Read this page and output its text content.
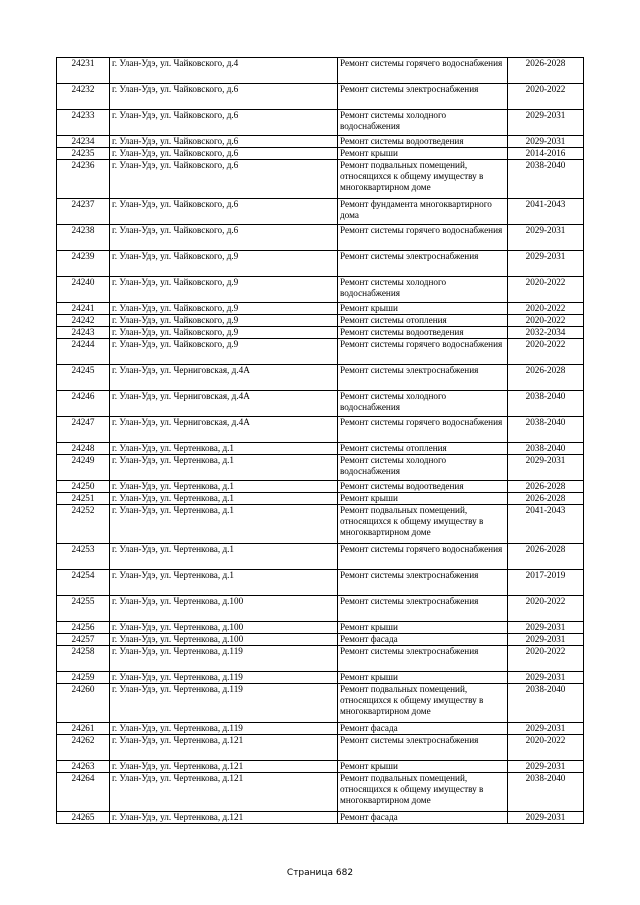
24231	г. Улан-Удэ, ул. Чайковского, д.4	Ремонт системы горячего водоснабжения	2026-2028
24232	г. Улан-Удэ, ул. Чайковского, д.6	Ремонт системы электроснабжения	2020-2022
24233	г. Улан-Удэ, ул. Чайковского, д.6	Ремонт системы холодного водоснабжения	2029-2031
24234	г. Улан-Удэ, ул. Чайковского, д.6	Ремонт системы водоотведения	2029-2031
24235	г. Улан-Удэ, ул. Чайковского, д.6	Ремонт крыши	2014-2016
24236	г. Улан-Удэ, ул. Чайковского, д.6	Ремонт подвальных помещений, относящихся к общему имуществу в многоквартирном доме	2038-2040
24237	г. Улан-Удэ, ул. Чайковского, д.6	Ремонт фундамента многоквартирного дома	2041-2043
24238	г. Улан-Удэ, ул. Чайковского, д.6	Ремонт системы горячего водоснабжения	2029-2031
24239	г. Улан-Удэ, ул. Чайковского, д.9	Ремонт системы электроснабжения	2029-2031
24240	г. Улан-Удэ, ул. Чайковского, д.9	Ремонт системы холодного водоснабжения	2020-2022
24241	г. Улан-Удэ, ул. Чайковского, д.9	Ремонт крыши	2020-2022
24242	г. Улан-Удэ, ул. Чайковского, д.9	Ремонт системы отопления	2020-2022
24243	г. Улан-Удэ, ул. Чайковского, д.9	Ремонт системы водоотведения	2032-2034
24244	г. Улан-Удэ, ул. Чайковского, д.9	Ремонт системы горячего водоснабжения	2020-2022
24245	г. Улан-Удэ, ул. Черниговская, д.4А	Ремонт системы электроснабжения	2026-2028
24246	г. Улан-Удэ, ул. Черниговская, д.4А	Ремонт системы холодного водоснабжения	2038-2040
24247	г. Улан-Удэ, ул. Черниговская, д.4А	Ремонт системы горячего водоснабжения	2038-2040
24248	г. Улан-Удэ, ул. Чертенкова, д.1	Ремонт системы отопления	2038-2040
24249	г. Улан-Удэ, ул. Чертенкова, д.1	Ремонт системы холодного водоснабжения	2029-2031
24250	г. Улан-Удэ, ул. Чертенкова, д.1	Ремонт системы водоотведения	2026-2028
24251	г. Улан-Удэ, ул. Чертенкова, д.1	Ремонт крыши	2026-2028
24252	г. Улан-Удэ, ул. Чертенкова, д.1	Ремонт подвальных помещений, относящихся к общему имуществу в многоквартирном доме	2041-2043
24253	г. Улан-Удэ, ул. Чертенкова, д.1	Ремонт системы горячего водоснабжения	2026-2028
24254	г. Улан-Удэ, ул. Чертенкова, д.1	Ремонт системы электроснабжения	2017-2019
24255	г. Улан-Удэ, ул. Чертенкова, д.100	Ремонт системы электроснабжения	2020-2022
24256	г. Улан-Удэ, ул. Чертенкова, д.100	Ремонт крыши	2029-2031
24257	г. Улан-Удэ, ул. Чертенкова, д.100	Ремонт фасада	2029-2031
24258	г. Улан-Удэ, ул. Чертенкова, д.119	Ремонт системы электроснабжения	2020-2022
24259	г. Улан-Удэ, ул. Чертенкова, д.119	Ремонт крыши	2029-2031
24260	г. Улан-Удэ, ул. Чертенкова, д.119	Ремонт подвальных помещений, относящихся к общему имуществу в многоквартирном доме	2038-2040
24261	г. Улан-Удэ, ул. Чертенкова, д.119	Ремонт фасада	2029-2031
24262	г. Улан-Удэ, ул. Чертенкова, д.121	Ремонт системы электроснабжения	2020-2022
24263	г. Улан-Удэ, ул. Чертенкова, д.121	Ремонт крыши	2029-2031
24264	г. Улан-Удэ, ул. Чертенкова, д.121	Ремонт подвальных помещений, относящихся к общему имуществу в многоквартирном доме	2038-2040
24265	г. Улан-Удэ, ул. Чертенкова, д.121	Ремонт фасада	2029-2031
Страница 682
